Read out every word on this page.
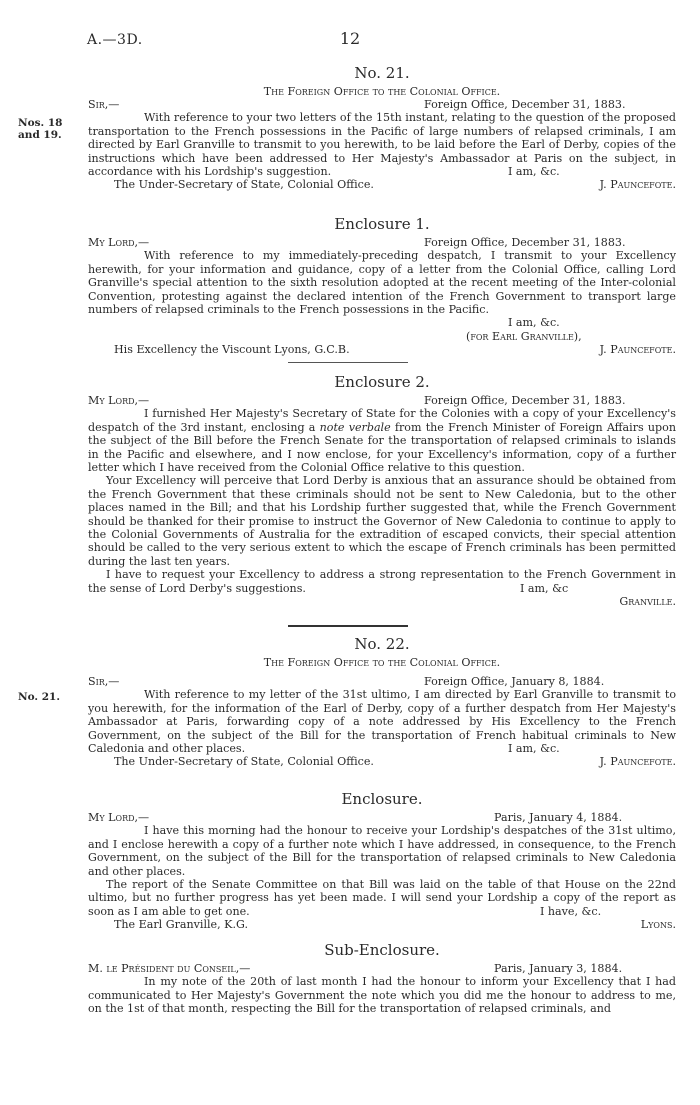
A.—3D.	12
Nos. 18 and 19.
No. 21.
No. 21.
The Foreign Office to the Colonial Office.
Sir,—	Foreign Office, December 31, 1883.

With reference to your two letters of the 15th instant, relating to the question of the proposed transportation to the French possessions in the Pacific of large numbers of relapsed criminals, I am directed by Earl Granville to transmit to you herewith, to be laid before the Earl of Derby, copies of the instructions which have been addressed to Her Majesty's Ambassador at Paris on the subject, in accordance with his Lordship's suggestion.	I am, &c.
The Under-Secretary of State, Colonial Office.	J. Pauncefote.
Enclosure 1.
My Lord,—	Foreign Office, December 31, 1883.

With reference to my immediately-preceding despatch, I transmit to your Excellency herewith, for your information and guidance, copy of a letter from the Colonial Office, calling Lord Granville's special attention to the sixth resolution adopted at the recent meeting of the Inter-colonial Convention, protesting against the declared intention of the French Government to transport large numbers of relapsed criminals to the French possessions in the Pacific.

I am, &c.
(for Earl Granville),
His Excellency the Viscount Lyons, G.C.B.	J. Pauncefote.
Enclosure 2.
My Lord,—	Foreign Office, December 31, 1883.

I furnished Her Majesty's Secretary of State for the Colonies with a copy of your Excellency's despatch of the 3rd instant, enclosing a note verbale from the French Minister of Foreign Affairs upon the subject of the Bill before the French Senate for the transportation of relapsed criminals to islands in the Pacific and elsewhere, and I now enclose, for your Excellency's information, copy of a further letter which I have received from the Colonial Office relative to this question.

Your Excellency will perceive that Lord Derby is anxious that an assurance should be obtained from the French Government that these criminals should not be sent to New Caledonia, but to the other places named in the Bill; and that his Lordship further suggested that, while the French Government should be thanked for their promise to instruct the Governor of New Caledonia to continue to apply to the Colonial Governments of Australia for the extradition of escaped convicts, their special attention should be called to the very serious extent to which the escape of French criminals has been permitted during the last ten years.

I have to request your Excellency to address a strong representation to the French Government in the sense of Lord Derby's suggestions.	I am, &c
Granville.
No. 22.
The Foreign Office to the Colonial Office.
Sir,—	Foreign Office, January 8, 1884.

With reference to my letter of the 31st ultimo, I am directed by Earl Granville to transmit to you herewith, for the information of the Earl of Derby, copy of a further despatch from Her Majesty's Ambassador at Paris, forwarding copy of a note addressed by His Excellency to the French Government, on the subject of the Bill for the transportation of French habitual criminals to New Caledonia and other places.	I am, &c.
The Under-Secretary of State, Colonial Office.	J. Pauncefote.
Enclosure.
My Lord,—	Paris, January 4, 1884.

I have this morning had the honour to receive your Lordship's despatches of the 31st ultimo, and I enclose herewith a copy of a further note which I have addressed, in consequence, to the French Government, on the subject of the Bill for the transportation of relapsed criminals to New Caledonia and other places.

The report of the Senate Committee on that Bill was laid on the table of that House on the 22nd ultimo, but no further progress has yet been made. I will send your Lordship a copy of the report as soon as I am able to get one.	I have, &c.
The Earl Granville, K.G.	Lyons.
Sub-Enclosure.
M. le Président du Conseil,—	Paris, January 3, 1884.

In my note of the 20th of last month I had the honour to inform your Excellency that I had communicated to Her Majesty's Government the note which you did me the honour to address to me, on the 1st of that month, respecting the Bill for the transportation of relapsed criminals, and
